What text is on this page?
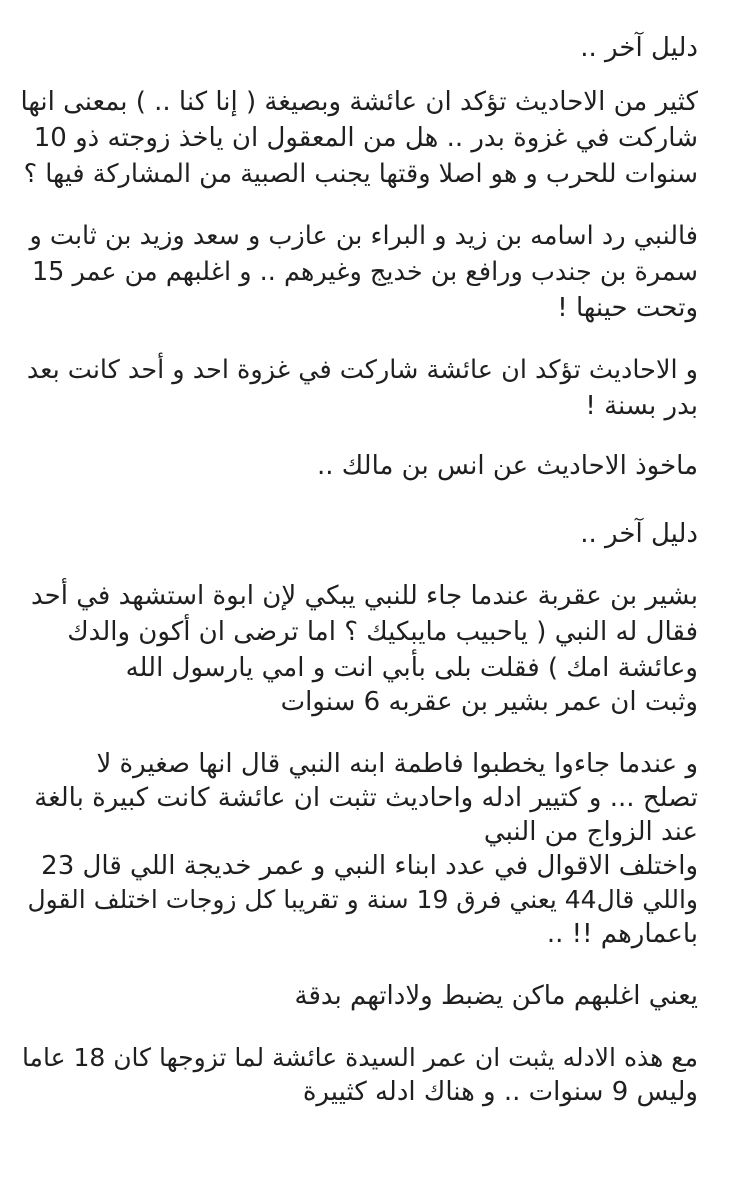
دليل آخر ..
كثير من الاحاديث تؤكد ان عائشة وبصيغة ( إنا كنا .. ) بمعنى انها
شاركت في غزوة بدر .. هل من المعقول ان ياخذ زوجته ذو 10
سنوات للحرب و هو اصلا وقتها يجنب الصبية من المشاركة فيها ؟
فالنبي رد اسامه بن زيد و البراء بن عازب و سعد وزيد بن ثابت و
سمرة بن جندب ورافع بن خديج وغيرهم .. و اغلبهم من عمر 15
وتحت حينها !
و الاحاديث تؤكد ان عائشة شاركت في غزوة احد و أحد كانت بعد
بدر بسنة !
ماخوذ الاحاديث عن انس بن مالك ..
دليل آخر ..
بشير بن عقربة عندما جاء للنبي يبكي لإن ابوة استشهد في أحد
فقال له النبي ( ياحبيب مايبكيك ؟ اما ترضى ان أكون والدك
وعائشة امك ) فقلت بلى بأبي انت و امي يارسول الله
وثبت ان عمر بشير بن عقربه 6 سنوات
و عندما جاءوا يخطبوا فاطمة ابنه النبي قال انها صغيرة لا
تصلح ... و كتيير ادله واحاديث تثبت ان عائشة كانت كبيرة بالغة
عند الزواج من النبي
واختلف الاقوال في عدد ابناء النبي و عمر خديجة اللي قال 23
واللي قال44 يعني فرق 19 سنة و تقريبا كل زوجات اختلف القول
باعمارهم !! ..
يعني اغلبهم ماكن يضبط ولاداتهم بدقة
مع هذه الادله يثبت ان عمر السيدة عائشة لما تزوجها كان 18 عاما
وليس 9 سنوات .. و هناك ادله كثييرة
